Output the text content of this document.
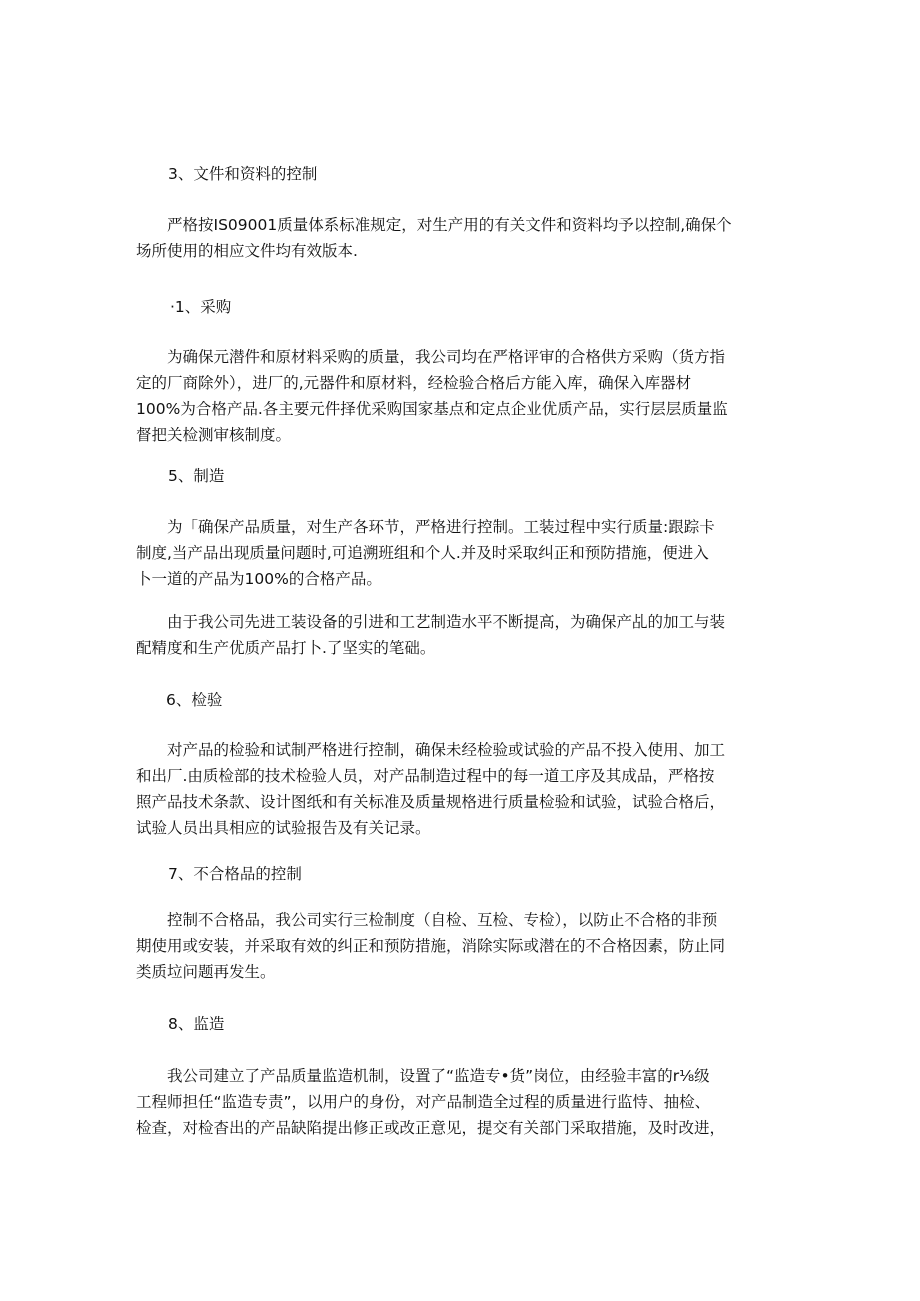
3、文件和资料的控制
　　严格按IS09001质量体系标准规定，对生产用的有关文件和资料均予以控制,确保个
场所使用的相应文件均有效版本.
·1、采购
　　为确保元潜件和原材料采购的质量，我公司均在严格评审的合格供方采购（货方指
定的厂商除外），进厂的,元器件和原材料，经检验合格后方能入库，确保入库器材
100%为合格产品.各主要元件择优采购国家基点和定点企业优质产品，实行层层质量监
督把关检测审核制度。
5、制造
　　为「确保产品质量，对生产各环节，严格进行控制。工装过程中实行质量:跟踪卡
制度,当产品出现质量问题时,可追溯班组和个人.并及时采取纠正和预防措施，便进入
卜一道的产品为100%的合格产品。
　　由于我公司先进工装设备的引进和工艺制造水平不断提高，为确保产乩的加工与装
配精度和生产优质产品打卜.了坚实的笔础。
6、检验
　　对产品的检验和试制严格进行控制，确保未经检验或试验的产品不投入使用、加工
和出厂.由质检部的技术检验人员，对产品制造过程中的每一道工序及其成品，严格按
照产品技术条款、设计图纸和有关标准及质量规格进行质量检验和试验，试验合格后，
试验人员出具相应的试验报告及有关记录。
7、不合格品的控制
　　控制不合格品，我公司实行三检制度（自检、互检、专检），以防止不合格的非预
期使用或安装，并采取有效的纠正和预防措施，消除实际或潜在的不合格因素，防止同
类质垃问题再发生。
8、监造
　　我公司建立了产品质量监造机制，设置了“监造专•货”岗位，由经验丰富的r⅛级
工程师担任“监造专责”，以用户的身份，对产品制造全过程的质量进行监恃、抽检、
检查，对检杳出的产品缺陷提出修正或改正意见，提交有关部门采取措施，及时改进，
